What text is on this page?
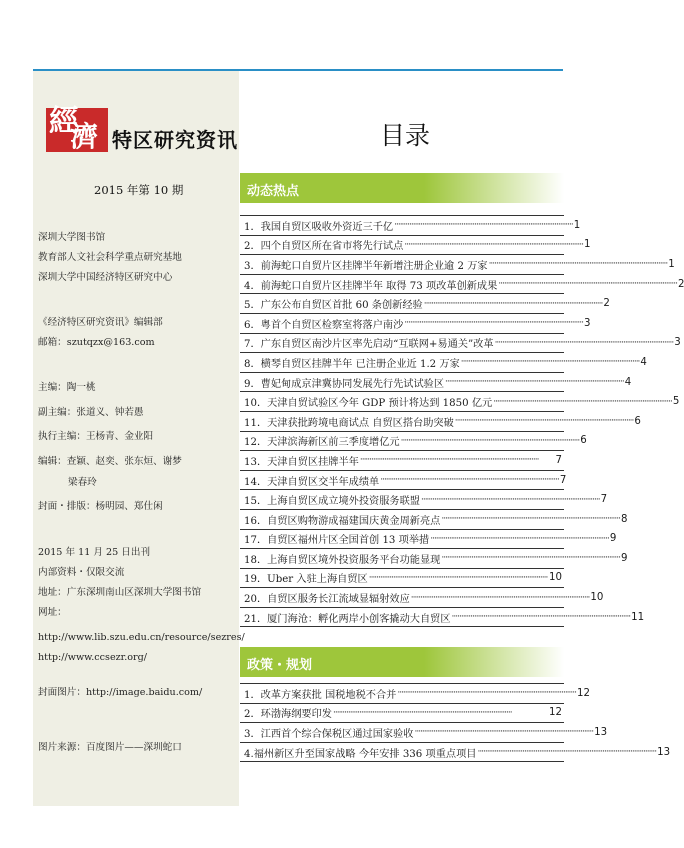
經
濟 特区研究资讯	目录
2015 年第 10 期
深圳大学图书馆
教育部人文社会科学重点研究基地
深圳大学中国经济特区研究中心
《经济特区研究资讯》编辑部
邮箱：szutqzx@163.com
主编：陶一桃
副主编：张道义、钟若愚
执行主编：王杨青、金业阳
编辑：查颖、赵奕、张东烜、谢梦
梁春玲
封面・排版：杨明园、郑仕闲
2015 年 11 月 25 日出刊
内部资料・仅限交流
地址：广东深圳南山区深圳大学图书馆
网址：
http://www.lib.szu.edu.cn/resource/sezres/
http://www.ccsezr.org/
封面图片：http://image.baidu.com/
图片来源：百度图片——深圳蛇口
动态热点
1．我国自贸区吸收外资近三千亿 ·····	1
2．四个自贸区所在省市将先行试点 ·····	1
3．前海蛇口自贸片区挂牌半年新增注册企业逾 2 万家 ·····	1
4．前海蛇口自贸片区挂牌半年 取得 73 项改革创新成果 ·····	2
5．广东公布自贸区首批 60 条创新经验 ·····	2
6．粤首个自贸区检察室将落户南沙 ·····	3
7．广东自贸区南沙片区率先启动“互联网+易通关”改革 ·····	3
8．横琴自贸区挂牌半年 已注册企业近 1.2 万家 ·····	4
9．曹妃甸成京津冀协同发展先行先试试验区 ·····	4
10．天津自贸试验区今年 GDP 预计将达到 1850 亿元 ·····	5
11．天津获批跨境电商试点 自贸区搭台助突破 ·····	6
12．天津滨海新区前三季度增亿元 ·····	6
13．天津自贸区挂牌半年 ·····	7
14．天津自贸区交半年成绩单 ·····	7
15．上海自贸区成立境外投资服务联盟 ·····	7
16．自贸区购物游成福建国庆黄金周新亮点 ·····	8
17．自贸区福州片区全国首创 13 项举措 ·····	9
18．上海自贸区境外投资服务平台功能显现 ·····	9
19．Uber 入驻上海自贸区 ·····	10
20．自贸区服务长江流域显辐射效应 ·····	10
21．厦门海沧：孵化两岸小创客撬动大自贸区 ·····	11
政策・规划
1．改革方案获批 国税地税不合并 ·····	12
2．环渤海纲要印发 ·····	12
3．江西首个综合保税区通过国家验收 ·····	13
4.福州新区升至国家战略 今年安排 336 项重点项目 ·····	13
